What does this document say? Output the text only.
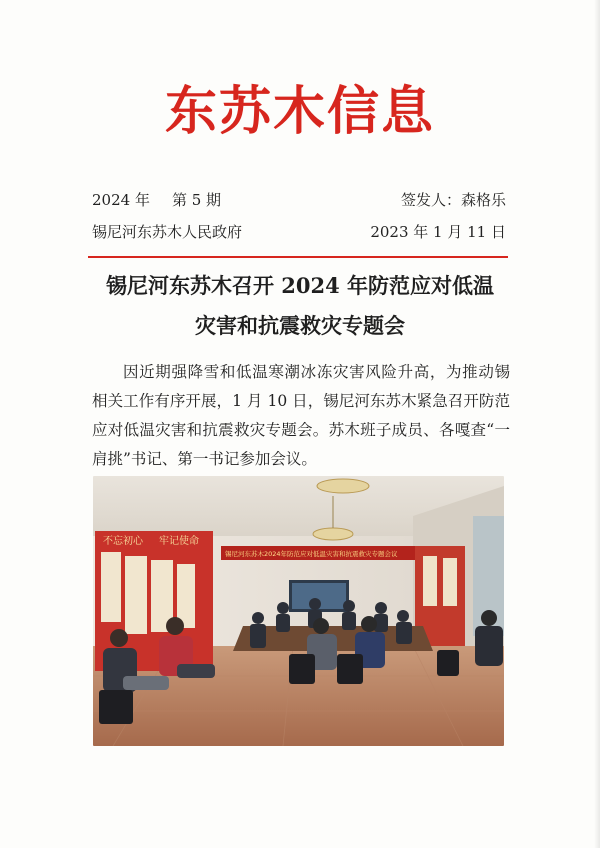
东苏木信息
2024 年 第 5 期	签发人：森格乐
锡尼河东苏木人民政府	2023 年 1 月 11 日
锡尼河东苏木召开 2024 年防范应对低温
灾害和抗震救灾专题会
因近期强降雪和低温寒潮冰冻灾害风险升高，为推动锡相关工作有序开展，1 月 10 日，锡尼河东苏木紧急召开防范应对低温灾害和抗震救灾专题会。苏木班子成员、各嘎查“一肩挑”书记、第一书记参加会议。
不忘初心 牢记使命
锡尼河东苏木2024年防范应对低温灾害和抗震救灾专题会议
